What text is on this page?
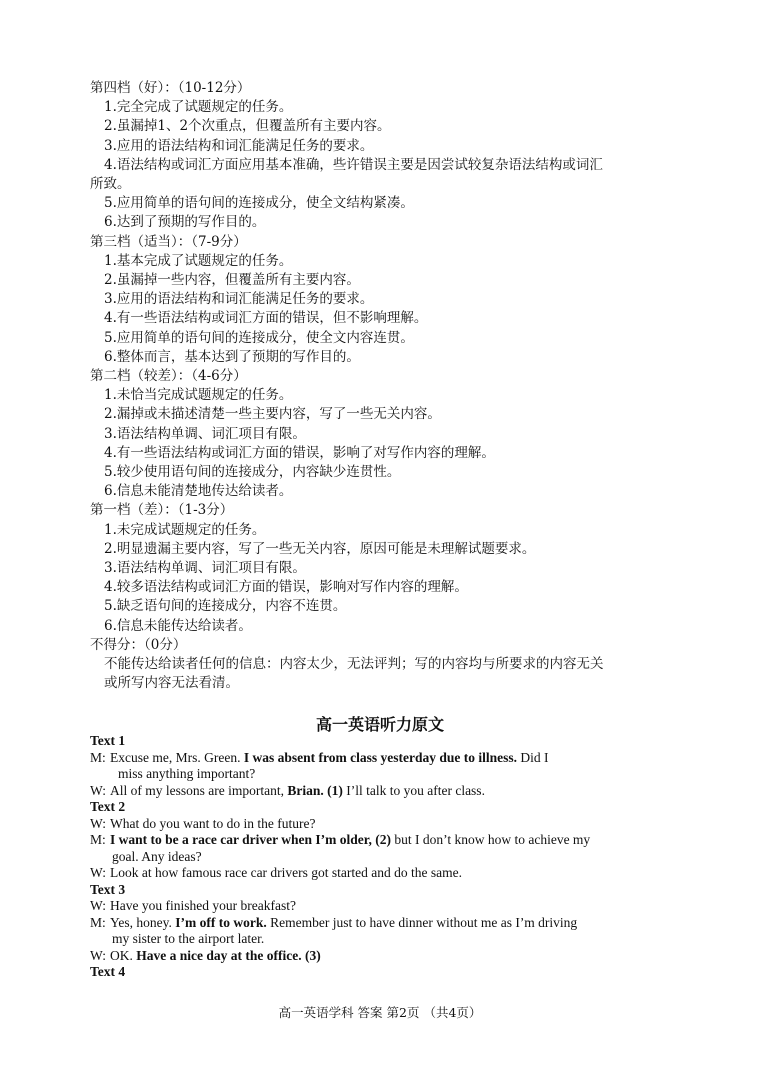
第四档（好）：（10-12分）
1.完全完成了试题规定的任务。
2.虽漏掉1、2个次重点，但覆盖所有主要内容。
3.应用的语法结构和词汇能满足任务的要求。
4.语法结构或词汇方面应用基本准确，些许错误主要是因尝试较复杂语法结构或词汇
所致。
5.应用简单的语句间的连接成分，使全文结构紧凑。
6.达到了预期的写作目的。
第三档（适当）：（7-9分）
1.基本完成了试题规定的任务。
2.虽漏掉一些内容，但覆盖所有主要内容。
3.应用的语法结构和词汇能满足任务的要求。
4.有一些语法结构或词汇方面的错误，但不影响理解。
5.应用简单的语句间的连接成分，使全文内容连贯。
6.整体而言，基本达到了预期的写作目的。
第二档（较差）：（4-6分）
1.未恰当完成试题规定的任务。
2.漏掉或未描述清楚一些主要内容，写了一些无关内容。
3.语法结构单调、词汇项目有限。
4.有一些语法结构或词汇方面的错误，影响了对写作内容的理解。
5.较少使用语句间的连接成分，内容缺少连贯性。
6.信息未能清楚地传达给读者。
第一档（差）：（1-3分）
1.未完成试题规定的任务。
2.明显遗漏主要内容，写了一些无关内容，原因可能是未理解试题要求。
3.语法结构单调、词汇项目有限。
4.较多语法结构或词汇方面的错误，影响对写作内容的理解。
5.缺乏语句间的连接成分，内容不连贯。
6.信息未能传达给读者。
不得分：（0分）
不能传达给读者任何的信息：内容太少，无法评判；写的内容均与所要求的内容无关
或所写内容无法看清。
高一英语听力原文
Text 1
M: Excuse me, Mrs. Green. I was absent from class yesterday due to illness. Did I
miss anything important?
W: All of my lessons are important, Brian. (1) I’ll talk to you after class.
Text 2
W: What do you want to do in the future?
M: I want to be a race car driver when I’m older, (2) but I don’t know how to achieve my
goal. Any ideas?
W: Look at how famous race car drivers got started and do the same.
Text 3
W: Have you finished your breakfast?
M: Yes, honey. I’m off to work. Remember just to have dinner without me as I’m driving
my sister to the airport later.
W: OK. Have a nice day at the office. (3)
Text 4
高一英语学科 答案 第2页 （共4页）
